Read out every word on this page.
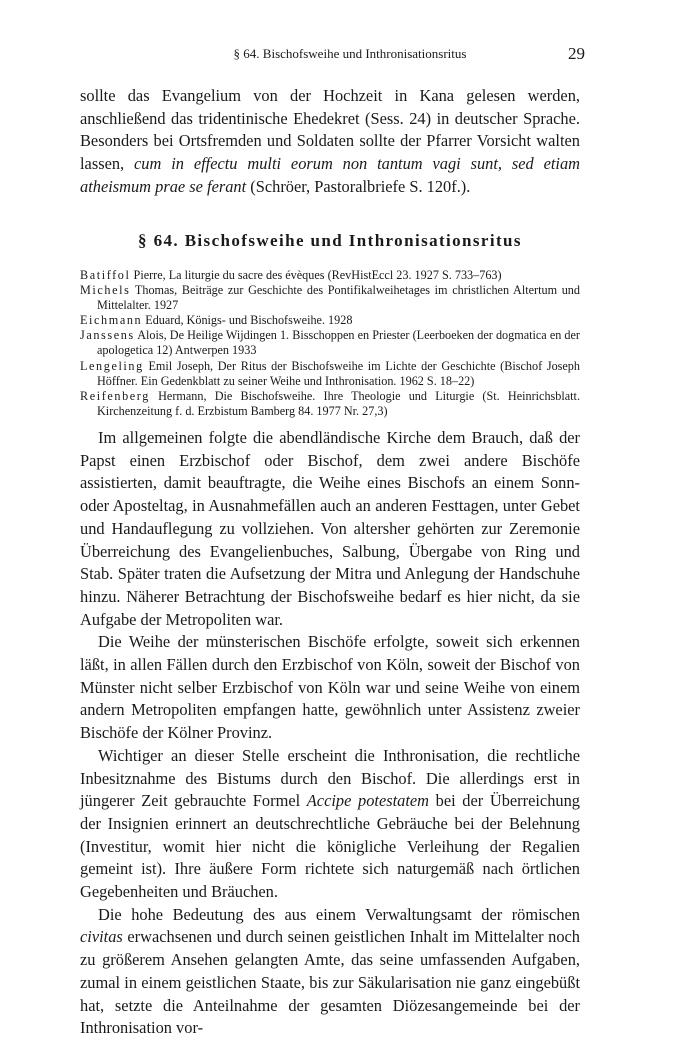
§ 64. Bischofsweihe und Inthronisationsritus	29

sollte das Evangelium von der Hochzeit in Kana gelesen werden, anschließend das tridentinische Ehedekret (Sess. 24) in deutscher Sprache. Besonders bei Ortsfremden und Soldaten sollte der Pfarrer Vorsicht walten lassen, cum in effectu multi eorum non tantum vagi sunt, sed etiam atheismum prae se ferant (Schröer, Pastoralbriefe S. 120f.).

§ 64. Bischofsweihe und Inthronisationsritus

Batiffol Pierre, La liturgie du sacre des évèques (RevHistEccl 23. 1927 S. 733–763)

Michels Thomas, Beiträge zur Geschichte des Pontifikalweihetages im christlichen Altertum und Mittelalter. 1927

Eichmann Eduard, Königs- und Bischofsweihe. 1928

Janssens Alois, De Heilige Wijdingen 1. Bisschoppen en Priester (Leerboeken der dogmatica en der apologetica 12) Antwerpen 1933

Lengeling Emil Joseph, Der Ritus der Bischofsweihe im Lichte der Geschichte (Bischof Joseph Höffner. Ein Gedenkblatt zu seiner Weihe und Inthronisation. 1962 S. 18–22)

Reifenberg Hermann, Die Bischofsweihe. Ihre Theologie und Liturgie (St. Heinrichsblatt. Kirchenzeitung f. d. Erzbistum Bamberg 84. 1977 Nr. 27,3)

Im allgemeinen folgte die abendländische Kirche dem Brauch, daß der Papst einen Erzbischof oder Bischof, dem zwei andere Bischöfe assistierten, damit beauftragte, die Weihe eines Bischofs an einem Sonn- oder Aposteltag, in Ausnahmefällen auch an anderen Festtagen, unter Gebet und Handauflegung zu vollziehen. Von altersher gehörten zur Zeremonie Überreichung des Evangelienbuches, Salbung, Übergabe von Ring und Stab. Später traten die Aufsetzung der Mitra und Anlegung der Handschuhe hinzu. Näherer Betrachtung der Bischofsweihe bedarf es hier nicht, da sie Aufgabe der Metropoliten war.

Die Weihe der münsterischen Bischöfe erfolgte, soweit sich erkennen läßt, in allen Fällen durch den Erzbischof von Köln, soweit der Bischof von Münster nicht selber Erzbischof von Köln war und seine Weihe von einem andern Metropoliten empfangen hatte, gewöhnlich unter Assistenz zweier Bischöfe der Kölner Provinz.

Wichtiger an dieser Stelle erscheint die Inthronisation, die rechtliche Inbesitznahme des Bistums durch den Bischof. Die allerdings erst in jüngerer Zeit gebrauchte Formel Accipe potestatem bei der Überreichung der Insignien erinnert an deutschrechtliche Gebräuche bei der Belehnung (Investitur, womit hier nicht die königliche Verleihung der Regalien gemeint ist). Ihre äußere Form richtete sich naturgemäß nach örtlichen Gegebenheiten und Bräuchen.

Die hohe Bedeutung des aus einem Verwaltungsamt der römischen civitas erwachsenen und durch seinen geistlichen Inhalt im Mittelalter noch zu größerem Ansehen gelangten Amte, das seine umfassenden Aufgaben, zumal in einem geistlichen Staate, bis zur Säkularisation nie ganz eingebüßt hat, setzte die Anteilnahme der gesamten Diözesangemeinde bei der Inthronisation vor-
